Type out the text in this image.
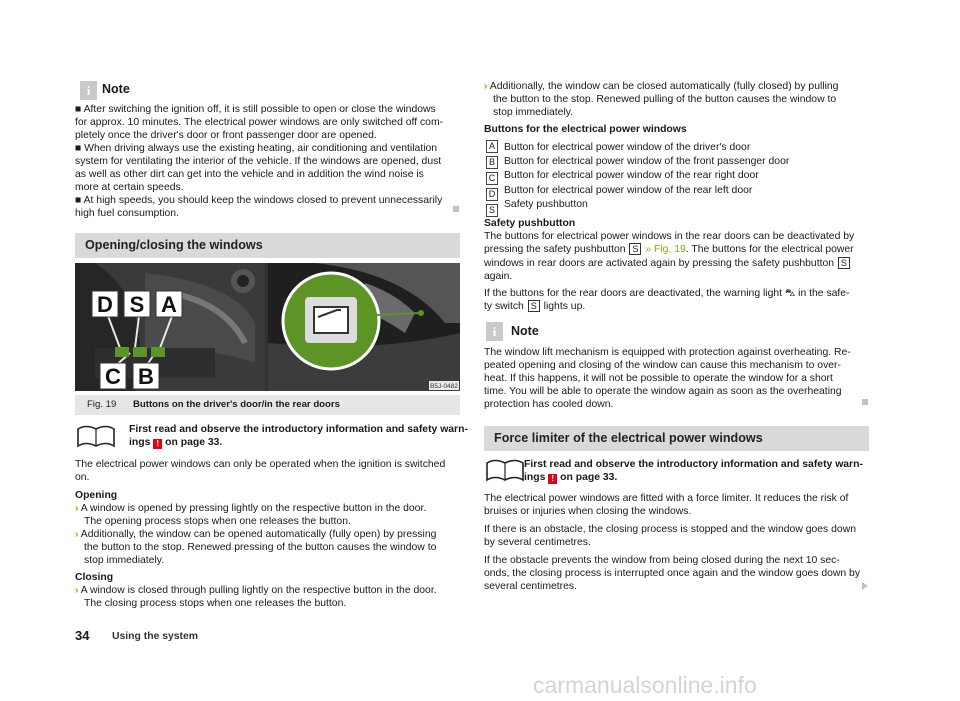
i Note

■ After switching the ignition off, it is still possible to open or close the windows

for approx. 10 minutes. The electrical power windows are only switched off com-

pletely once the driver's door or front passenger door are opened.

■ When driving always use the existing heating, air conditioning and ventilation

system for ventilating the interior of the vehicle. If the windows are opened, dust

as well as other dirt can get into the vehicle and in addition the wind noise is

more at certain speeds.

■ At high speeds, you should keep the windows closed to prevent unnecessarily

high fuel consumption.

Opening/closing the windows
D S A
C B	B5J-0482
Fig. 19 Buttons on the driver's door/in the rear doors

First read and observe the introductory information and safety warn-

ings ! on page 33.

The electrical power windows can only be operated when the ignition is switched

on.

Opening

› A window is opened by pressing lightly on the respective button in the door.

The opening process stops when one releases the button.

› Additionally, the window can be opened automatically (fully open) by pressing

the button to the stop. Renewed pressing of the button causes the window to

stop immediately.

Closing

› A window is closed through pulling lightly on the respective button in the door.

The closing process stops when one releases the button.

› Additionally, the window can be closed automatically (fully closed) by pulling

the button to the stop. Renewed pulling of the button causes the window to

stop immediately.

Buttons for the electrical power windows

A
B
C
D
S

Button for electrical power window of the driver's door

Button for electrical power window of the front passenger door

Button for electrical power window of the rear right door

Button for electrical power window of the rear left door

Safety pushbutton

Safety pushbutton

The buttons for electrical power windows in the rear doors can be deactivated by

pressing the safety pushbutton S » Fig. 19. The buttons for the electrical power

windows in rear doors are activated again by pressing the safety pushbutton S

again.

If the buttons for the rear doors are deactivated, the warning light ⛍ in the safe-

ty switch S lights up.

i	Note

The window lift mechanism is equipped with protection against overheating. Re-

peated opening and closing of the window can cause this mechanism to over-

heat. If this happens, it will not be possible to operate the window for a short

time. You will be able to operate the window again as soon as the overheating

protection has cooled down.

Force limiter of the electrical power windows

First read and observe the introductory information and safety warn-

ings ! on page 33.

The electrical power windows are fitted with a force limiter. It reduces the risk of

bruises or injuries when closing the windows.

If there is an obstacle, the closing process is stopped and the window goes down

by several centimetres.

If the obstacle prevents the window from being closed during the next 10 sec-

onds, the closing process is interrupted once again and the window goes down by

several centimetres.

34 Using the system
carmanualsonline.info
